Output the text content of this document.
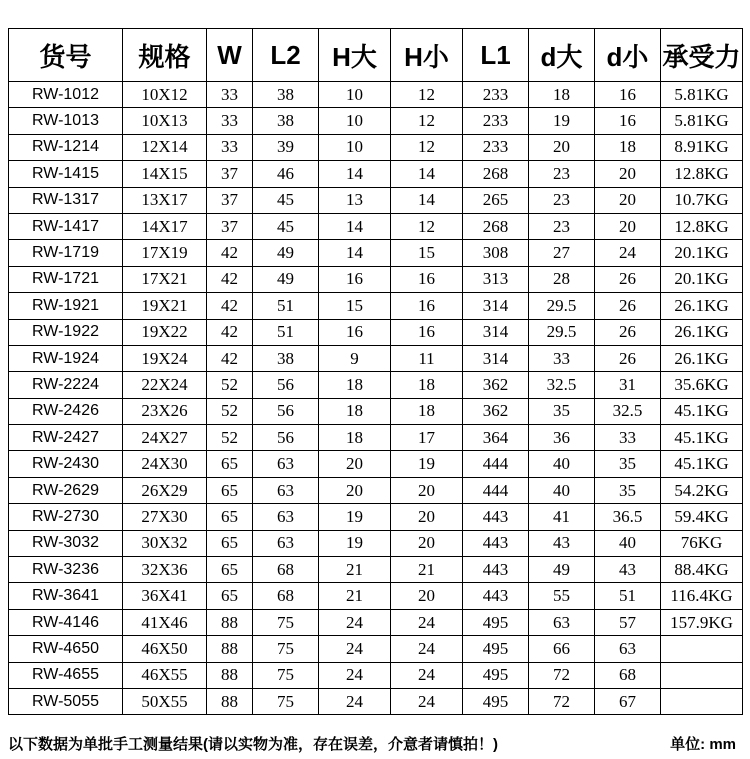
货号	规格	W	L2	H大	H小	L1	d大	d小	承受力
RW-1012	10X12	33	38	10	12	233	18	16	5.81KG
RW-1013	10X13	33	38	10	12	233	19	16	5.81KG
RW-1214	12X14	33	39	10	12	233	20	18	8.91KG
RW-1415	14X15	37	46	14	14	268	23	20	12.8KG
RW-1317	13X17	37	45	13	14	265	23	20	10.7KG
RW-1417	14X17	37	45	14	12	268	23	20	12.8KG
RW-1719	17X19	42	49	14	15	308	27	24	20.1KG
RW-1721	17X21	42	49	16	16	313	28	26	20.1KG
RW-1921	19X21	42	51	15	16	314	29.5	26	26.1KG
RW-1922	19X22	42	51	16	16	314	29.5	26	26.1KG
RW-1924	19X24	42	38	9	11	314	33	26	26.1KG
RW-2224	22X24	52	56	18	18	362	32.5	31	35.6KG
RW-2426	23X26	52	56	18	18	362	35	32.5	45.1KG
RW-2427	24X27	52	56	18	17	364	36	33	45.1KG
RW-2430	24X30	65	63	20	19	444	40	35	45.1KG
RW-2629	26X29	65	63	20	20	444	40	35	54.2KG
RW-2730	27X30	65	63	19	20	443	41	36.5	59.4KG
RW-3032	30X32	65	63	19	20	443	43	40	76KG
RW-3236	32X36	65	68	21	21	443	49	43	88.4KG
RW-3641	36X41	65	68	21	20	443	55	51	116.4KG
RW-4146	41X46	88	75	24	24	495	63	57	157.9KG
RW-4650	46X50	88	75	24	24	495	66	63	
RW-4655	46X55	88	75	24	24	495	72	68	
RW-5055	50X55	88	75	24	24	495	72	67	
以下数据为单批手工测量结果(请以实物为准，存在误差，介意者请慎拍！)	单位: mm
